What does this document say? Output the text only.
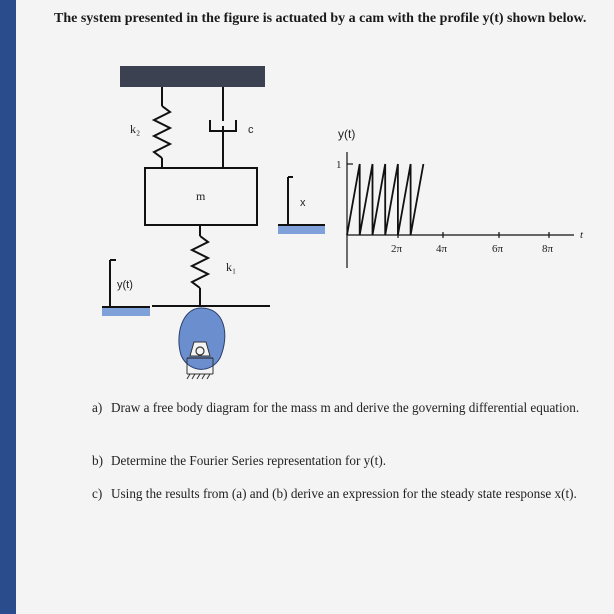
The system presented in the figure is actuated by a cam with the profile y(t) shown below.
k₂	c
m
k₁
y(t)
x
y(t)
1
t
2π	4π	6π	8π
a) Draw a free body diagram for the mass m and derive the governing differential equation.
b) Determine the Fourier Series representation for y(t).
c) Using the results from (a) and (b) derive an expression for the steady state response x(t).
